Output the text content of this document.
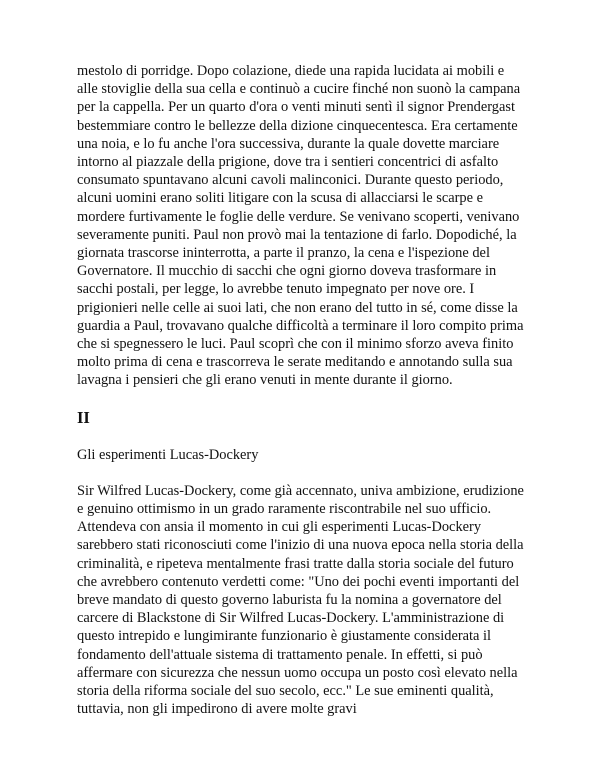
mestolo di porridge. Dopo colazione, diede una rapida lucidata ai mobili e alle stoviglie della sua cella e continuò a cucire finché non suonò la campana per la cappella. Per un quarto d'ora o venti minuti sentì il signor Prendergast bestemmiare contro le bellezze della dizione cinquecentesca. Era certamente una noia, e lo fu anche l'ora successiva, durante la quale dovette marciare intorno al piazzale della prigione, dove tra i sentieri concentrici di asfalto consumato spuntavano alcuni cavoli malinconici. Durante questo periodo, alcuni uomini erano soliti litigare con la scusa di allacciarsi le scarpe e mordere furtivamente le foglie delle verdure. Se venivano scoperti, venivano severamente puniti. Paul non provò mai la tentazione di farlo. Dopodiché, la giornata trascorse ininterrotta, a parte il pranzo, la cena e l'ispezione del Governatore. Il mucchio di sacchi che ogni giorno doveva trasformare in sacchi postali, per legge, lo avrebbe tenuto impegnato per nove ore. I prigionieri nelle celle ai suoi lati, che non erano del tutto in sé, come disse la guardia a Paul, trovavano qualche difficoltà a terminare il loro compito prima che si spegnessero le luci. Paul scoprì che con il minimo sforzo aveva finito molto prima di cena e trascorreva le serate meditando e annotando sulla sua lavagna i pensieri che gli erano venuti in mente durante il giorno.

II

Gli esperimenti Lucas-Dockery

Sir Wilfred Lucas-Dockery, come già accennato, univa ambizione, erudizione e genuino ottimismo in un grado raramente riscontrabile nel suo ufficio. Attendeva con ansia il momento in cui gli esperimenti Lucas-Dockery sarebbero stati riconosciuti come l'inizio di una nuova epoca nella storia della criminalità, e ripeteva mentalmente frasi tratte dalla storia sociale del futuro che avrebbero contenuto verdetti come: "Uno dei pochi eventi importanti del breve mandato di questo governo laburista fu la nomina a governatore del carcere di Blackstone di Sir Wilfred Lucas-Dockery. L'amministrazione di questo intrepido e lungimirante funzionario è giustamente considerata il fondamento dell'attuale sistema di trattamento penale. In effetti, si può affermare con sicurezza che nessun uomo occupa un posto così elevato nella storia della riforma sociale del suo secolo, ecc." Le sue eminenti qualità, tuttavia, non gli impedirono di avere molte gravi
